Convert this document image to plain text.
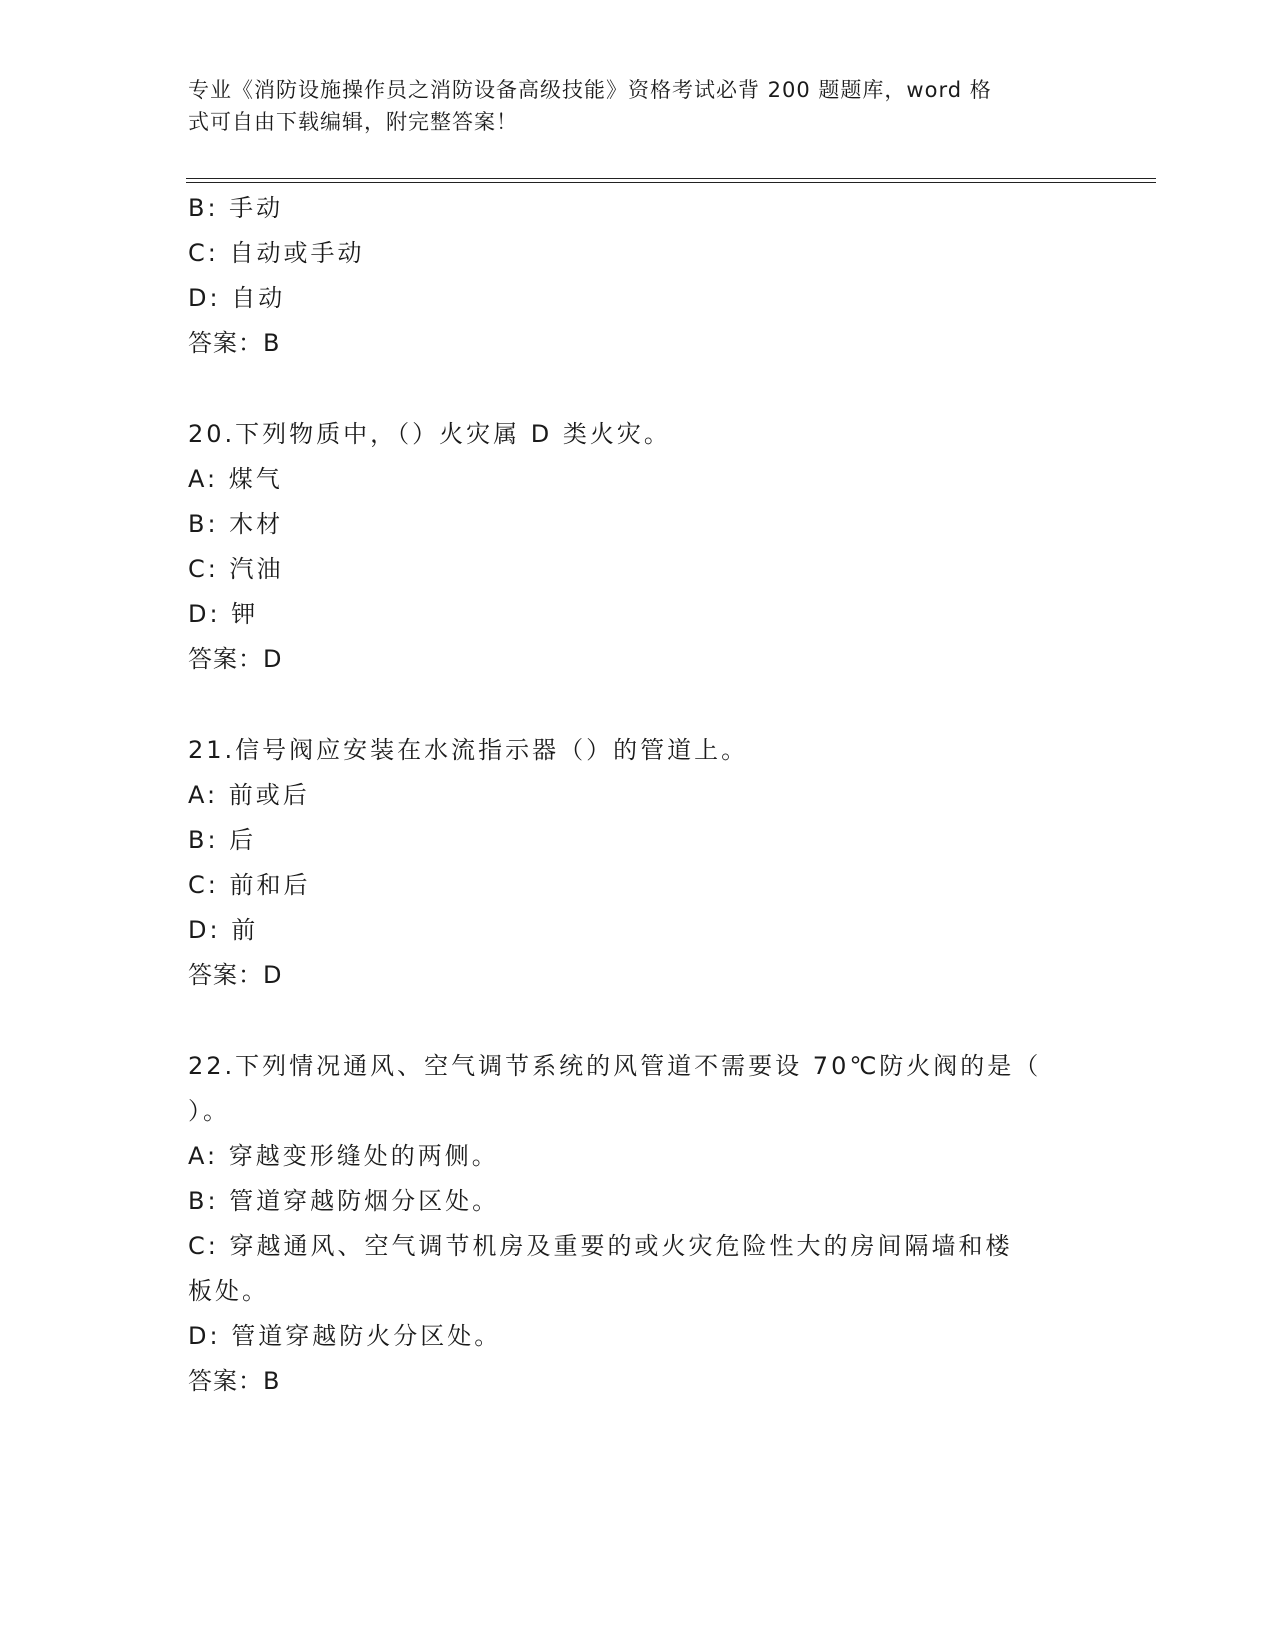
专业《消防设施操作员之消防设备高级技能》资格考试必背 200 题题库，word 格
式可自由下载编辑，附完整答案！
B: 手动
C: 自动或手动
D: 自动
答案：B
20.下列物质中，（）火灾属 D 类火灾。
A: 煤气
B: 木材
C: 汽油
D: 钾
答案：D
21.信号阀应安装在水流指示器（）的管道上。
A: 前或后
B: 后
C: 前和后
D: 前
答案：D
22.下列情况通风、空气调节系统的风管道不需要设 70℃防火阀的是（
）。
A: 穿越变形缝处的两侧。
B: 管道穿越防烟分区处。
C: 穿越通风、空气调节机房及重要的或火灾危险性大的房间隔墙和楼
板处。
D: 管道穿越防火分区处。
答案：B
